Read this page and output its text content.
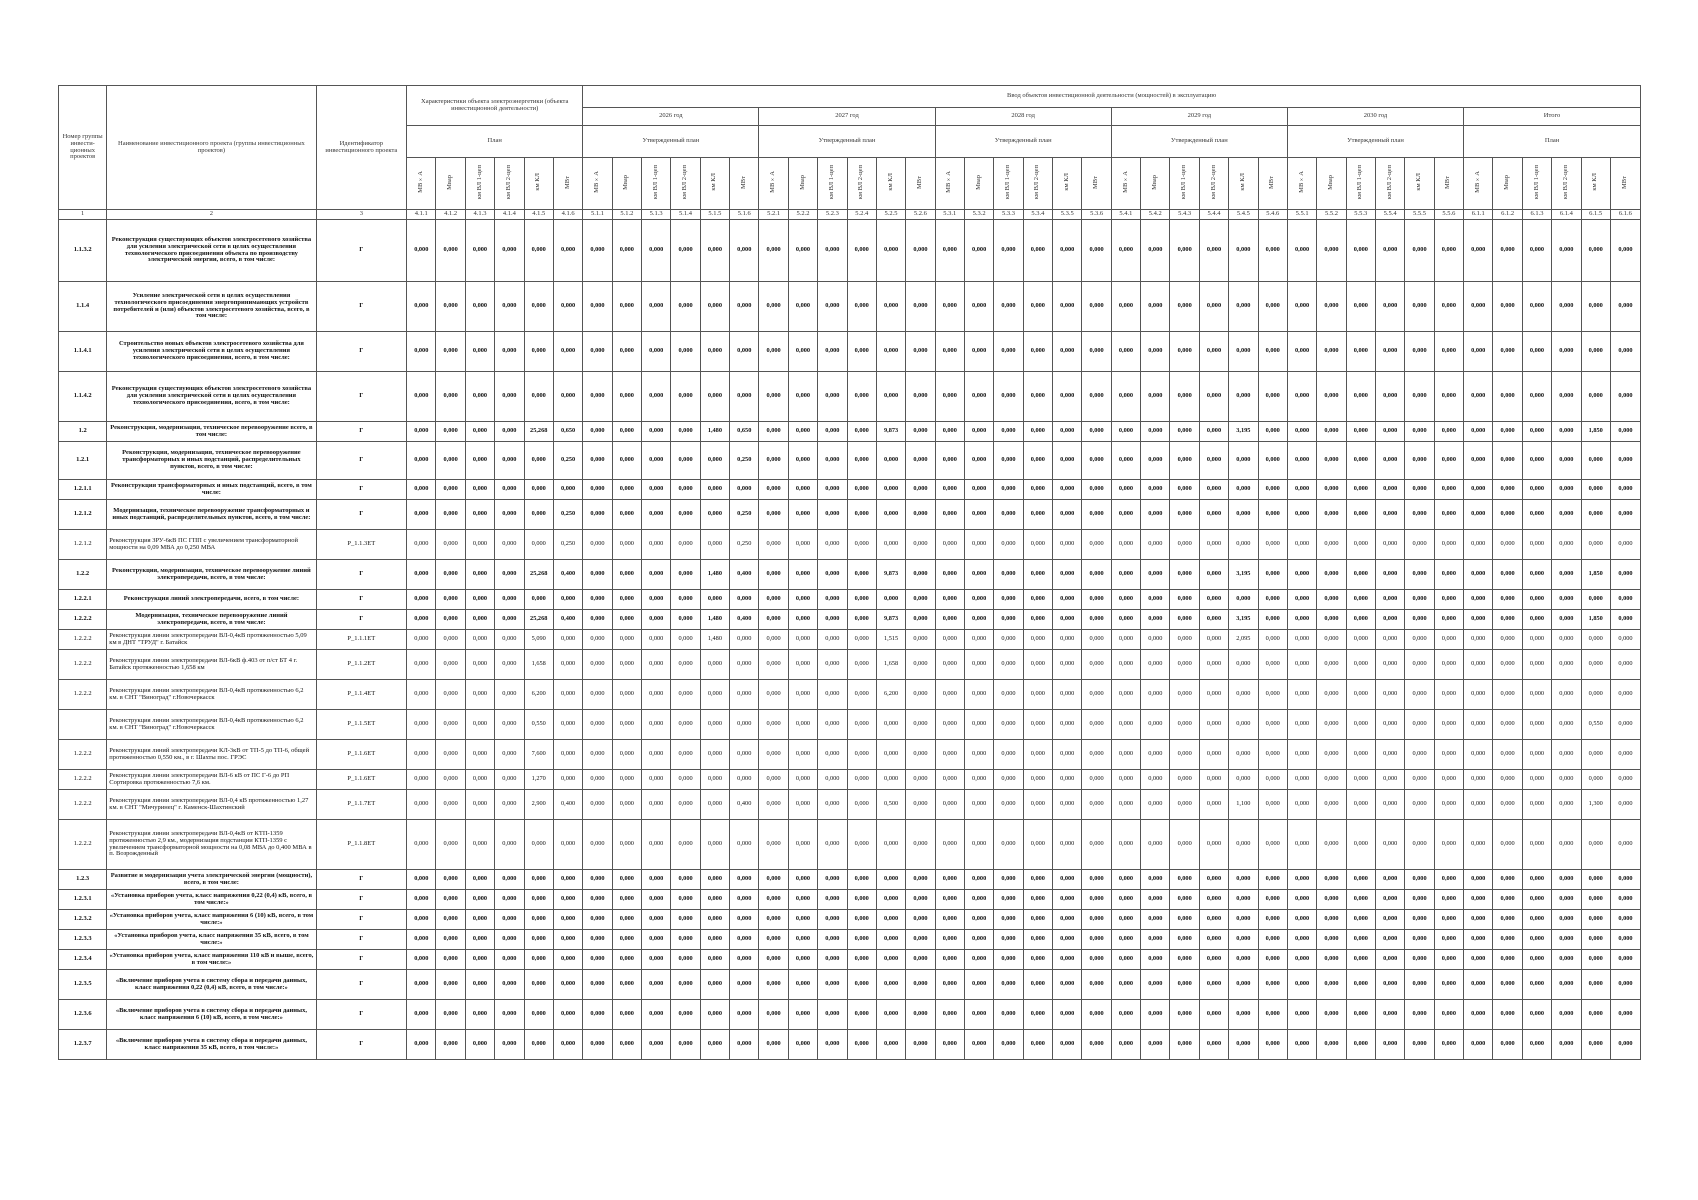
Номер группы инвести-ционных проектов	Наименование инвестиционного проекта (группы инвестиционных проектов)	Идентификатор инвестиционного проекта	Характеристики объекта электроэнергетики (объекта инвестиционной деятельности)						Ввод объектов инвестиционной деятельности (мощностей) в эксплуатацию																																			
									2026 год						2027 год						2028 год						2029 год						2030 год						Итого					
			План						Утвержденный план						Утвержденный план						Утвержденный план						Утвержденный план						Утвержденный план						План					
			МВ×А	Мвар	км ВЛ 1-цеп	км ВЛ 2-цеп	км КЛ	МВт	МВ×А	Мвар	км ВЛ 1-цеп	км ВЛ 2-цеп	км КЛ	МВт	МВ×А	Мвар	км ВЛ 1-цеп	км ВЛ 2-цеп	км КЛ	МВт	МВ×А	Мвар	км ВЛ 1-цеп	км ВЛ 2-цеп	км КЛ	МВт	МВ×А	Мвар	км ВЛ 1-цеп	км ВЛ 2-цеп	км КЛ	МВт	МВ×А	Мвар	км ВЛ 1-цеп	км ВЛ 2-цеп	км КЛ	МВт	МВ×А	Мвар	км ВЛ 1-цеп	км ВЛ 2-цеп	км КЛ	МВт
1	2	3	4.1.1	4.1.2	4.1.3	4.1.4	4.1.5	4.1.6	5.1.1	5.1.2	5.1.3	5.1.4	5.1.5	5.1.6	5.2.1	5.2.2	5.2.3	5.2.4	5.2.5	5.2.6	5.3.1	5.3.2	5.3.3	5.3.4	5.3.5	5.3.6	5.4.1	5.4.2	5.4.3	5.4.4	5.4.5	5.4.6	5.5.1	5.5.2	5.5.3	5.5.4	5.5.5	5.5.6	6.1.1	6.1.2	6.1.3	6.1.4	6.1.5	6.1.6
1.1.3.2	Реконструкция существующих объектов электросетевого хозяйства для усиления электрической сети в целях осуществления технологического присоединения объекта по производству электрической энергии, всего, в том числе:	Г	0,000	0,000	0,000	0,000	0,000	0,000	0,000	0,000	0,000	0,000	0,000	0,000	0,000	0,000	0,000	0,000	0,000	0,000	0,000	0,000	0,000	0,000	0,000	0,000	0,000	0,000	0,000	0,000	0,000	0,000	0,000	0,000	0,000	0,000	0,000	0,000	0,000	0,000	0,000	0,000	0,000	0,000
1.1.4	Усиление электрической сети в целях осуществления технологического присоединения энергопринимающих устройств потребителей и (или) объектов электросетевого хозяйства, всего, в том числе:	Г	0,000	0,000	0,000	0,000	0,000	0,000	0,000	0,000	0,000	0,000	0,000	0,000	0,000	0,000	0,000	0,000	0,000	0,000	0,000	0,000	0,000	0,000	0,000	0,000	0,000	0,000	0,000	0,000	0,000	0,000	0,000	0,000	0,000	0,000	0,000	0,000	0,000	0,000	0,000	0,000	0,000	0,000
1.1.4.1	Строительство новых объектов электросетевого хозяйства для усиления электрической сети в целях осуществления технологического присоединения, всего, в том числе:	Г	0,000	0,000	0,000	0,000	0,000	0,000	0,000	0,000	0,000	0,000	0,000	0,000	0,000	0,000	0,000	0,000	0,000	0,000	0,000	0,000	0,000	0,000	0,000	0,000	0,000	0,000	0,000	0,000	0,000	0,000	0,000	0,000	0,000	0,000	0,000	0,000	0,000	0,000	0,000	0,000	0,000	0,000
1.1.4.2	Реконструкция существующих объектов электросетевого хозяйства для усиления электрической сети в целях осуществления технологического присоединения, всего, в том числе:	Г	0,000	0,000	0,000	0,000	0,000	0,000	0,000	0,000	0,000	0,000	0,000	0,000	0,000	0,000	0,000	0,000	0,000	0,000	0,000	0,000	0,000	0,000	0,000	0,000	0,000	0,000	0,000	0,000	0,000	0,000	0,000	0,000	0,000	0,000	0,000	0,000	0,000	0,000	0,000	0,000	0,000	0,000
1.2	Реконструкция, модернизация, техническое перевооружение всего, в том числе:	Г	0,000	0,000	0,000	0,000	25,268	0,650	0,000	0,000	0,000	0,000	1,480	0,650	0,000	0,000	0,000	0,000	9,873	0,000	0,000	0,000	0,000	0,000	0,000	0,000	0,000	0,000	0,000	0,000	3,195	0,000	0,000	0,000	0,000	0,000	0,000	0,000	0,000	0,000	0,000	0,000	1,850	0,000
1.2.1	Реконструкция, модернизация, техническое перевооружение трансформаторных и иных подстанций, распределительных пунктов, всего, в том числе:	Г	0,000	0,000	0,000	0,000	0,000	0,250	0,000	0,000	0,000	0,000	0,000	0,250	0,000	0,000	0,000	0,000	0,000	0,000	0,000	0,000	0,000	0,000	0,000	0,000	0,000	0,000	0,000	0,000	0,000	0,000	0,000	0,000	0,000	0,000	0,000	0,000	0,000	0,000	0,000	0,000	0,000	0,000
1.2.1.1	Реконструкция трансформаторных и иных подстанций, всего, в том числе:	Г	0,000	0,000	0,000	0,000	0,000	0,000	0,000	0,000	0,000	0,000	0,000	0,000	0,000	0,000	0,000	0,000	0,000	0,000	0,000	0,000	0,000	0,000	0,000	0,000	0,000	0,000	0,000	0,000	0,000	0,000	0,000	0,000	0,000	0,000	0,000	0,000	0,000	0,000	0,000	0,000	0,000	0,000
1.2.1.2	Модернизация, техническое перевооружение трансформаторных и иных подстанций, распределительных пунктов, всего, в том числе:	Г	0,000	0,000	0,000	0,000	0,000	0,250	0,000	0,000	0,000	0,000	0,000	0,250	0,000	0,000	0,000	0,000	0,000	0,000	0,000	0,000	0,000	0,000	0,000	0,000	0,000	0,000	0,000	0,000	0,000	0,000	0,000	0,000	0,000	0,000	0,000	0,000	0,000	0,000	0,000	0,000	0,000	0,000
1.2.1.2	Реконструкция ЗРУ-6кВ ПС ГПП с увеличением трансформаторной мощности на 0,09 МВА до 0,250 МВА	P_1.1.3ЕТ	0,000	0,000	0,000	0,000	0,000	0,250	0,000	0,000	0,000	0,000	0,000	0,250	0,000	0,000	0,000	0,000	0,000	0,000	0,000	0,000	0,000	0,000	0,000	0,000	0,000	0,000	0,000	0,000	0,000	0,000	0,000	0,000	0,000	0,000	0,000	0,000	0,000	0,000	0,000	0,000	0,000	0,000
1.2.2	Реконструкция, модернизация, техническое перевооружение линий электропередачи, всего, в том числе:	Г	0,000	0,000	0,000	0,000	25,268	0,400	0,000	0,000	0,000	0,000	1,480	0,400	0,000	0,000	0,000	0,000	9,873	0,000	0,000	0,000	0,000	0,000	0,000	0,000	0,000	0,000	0,000	0,000	3,195	0,000	0,000	0,000	0,000	0,000	0,000	0,000	0,000	0,000	0,000	0,000	1,850	0,000
1.2.2.1	Реконструкция линий электропередачи, всего, в том числе:	Г	0,000	0,000	0,000	0,000	0,000	0,000	0,000	0,000	0,000	0,000	0,000	0,000	0,000	0,000	0,000	0,000	0,000	0,000	0,000	0,000	0,000	0,000	0,000	0,000	0,000	0,000	0,000	0,000	0,000	0,000	0,000	0,000	0,000	0,000	0,000	0,000	0,000	0,000	0,000	0,000	0,000	0,000
1.2.2.2	Модернизация, техническое перевооружение линий электропередачи, всего, в том числе:	Г	0,000	0,000	0,000	0,000	25,268	0,400	0,000	0,000	0,000	0,000	1,480	0,400	0,000	0,000	0,000	0,000	9,873	0,000	0,000	0,000	0,000	0,000	0,000	0,000	0,000	0,000	0,000	0,000	3,195	0,000	0,000	0,000	0,000	0,000	0,000	0,000	0,000	0,000	0,000	0,000	1,850	0,000
1.2.2.2	Реконструкция линии электропередачи ВЛ-0,4кВ протяженностью 5,09 км в ДНТ "ТРУД" г. Батайск	P_1.1.1ЕТ	0,000	0,000	0,000	0,000	5,090	0,000	0,000	0,000	0,000	0,000	1,480	0,000	0,000	0,000	0,000	0,000	1,515	0,000	0,000	0,000	0,000	0,000	0,000	0,000	0,000	0,000	0,000	0,000	2,095	0,000	0,000	0,000	0,000	0,000	0,000	0,000	0,000	0,000	0,000	0,000	0,000	0,000
1.2.2.2	Реконструкция линии электропередачи ВЛ-6кВ ф.403 от п/ст БТ 4 г. Батайск протяженностью 1,658 км	P_1.1.2ЕТ	0,000	0,000	0,000	0,000	1,658	0,000	0,000	0,000	0,000	0,000	0,000	0,000	0,000	0,000	0,000	0,000	1,658	0,000	0,000	0,000	0,000	0,000	0,000	0,000	0,000	0,000	0,000	0,000	0,000	0,000	0,000	0,000	0,000	0,000	0,000	0,000	0,000	0,000	0,000	0,000	0,000	0,000
1.2.2.2	Реконструкция линии электропередачи ВЛ-0,4кВ протяженностью 6,2 км. в СНТ "Виноград" г.Новочеркасск	P_1.1.4ЕТ	0,000	0,000	0,000	0,000	6,200	0,000	0,000	0,000	0,000	0,000	0,000	0,000	0,000	0,000	0,000	0,000	6,200	0,000	0,000	0,000	0,000	0,000	0,000	0,000	0,000	0,000	0,000	0,000	0,000	0,000	0,000	0,000	0,000	0,000	0,000	0,000	0,000	0,000	0,000	0,000	0,000	0,000
	Реконструкция линии электропередачи ВЛ-0,4кВ протяженностью 6,2 км. в СНТ "Виноград" г.Новочеркасск	P_1.1.5ЕТ	0,000	0,000	0,000	0,000	0,550	0,000	0,000	0,000	0,000	0,000	0,000	0,000	0,000	0,000	0,000	0,000	0,000	0,000	0,000	0,000	0,000	0,000	0,000	0,000	0,000	0,000	0,000	0,000	0,000	0,000	0,000	0,000	0,000	0,000	0,000	0,000	0,000	0,000	0,000	0,000	0,550	0,000
1.2.2.2	Реконструкция линий электропередачи КЛ-3кВ от ТП-5 до ТП-6, общей протяженностью 0,550 км., в г. Шахты пос. ГРЭС	P_1.1.6ЕТ	0,000	0,000	0,000	0,000	7,600	0,000	0,000	0,000	0,000	0,000	0,000	0,000	0,000	0,000	0,000	0,000	0,000	0,000	0,000	0,000	0,000	0,000	0,000	0,000	0,000	0,000	0,000	0,000	0,000	0,000	0,000	0,000	0,000	0,000	0,000	0,000	0,000	0,000	0,000	0,000	0,000	0,000
1.2.2.2	Реконструкция линии электропередачи ВЛ-6 кВ от ПС Г-6 до РП Сортировка протяженностью 7,6 км.	P_1.1.6ЕТ	0,000	0,000	0,000	0,000	1,270	0,000	0,000	0,000	0,000	0,000	0,000	0,000	0,000	0,000	0,000	0,000	0,000	0,000	0,000	0,000	0,000	0,000	0,000	0,000	0,000	0,000	0,000	0,000	0,000	0,000	0,000	0,000	0,000	0,000	0,000	0,000	0,000	0,000	0,000	0,000	0,000	0,000
1.2.2.2	Реконструкция линии электропередачи ВЛ-0,4 кВ протяженностью 1,27 км. в СНТ "Мичуринец" г. Каменск-Шахтинский	P_1.1.7ЕТ	0,000	0,000	0,000	0,000	2,900	0,400	0,000	0,000	0,000	0,000	0,000	0,400	0,000	0,000	0,000	0,000	0,500	0,000	0,000	0,000	0,000	0,000	0,000	0,000	0,000	0,000	0,000	0,000	1,100	0,000	0,000	0,000	0,000	0,000	0,000	0,000	0,000	0,000	0,000	0,000	1,300	0,000
1.2.2.2	Реконструкция линии электропередачи ВЛ-0,4кВ от КТП-1359 протяженностью 2,9 км., модернизация подстанции КТП-1359 с увеличением трансформаторной мощности на 0,08 МВА до 0,400 МВА в п. Возрожденный	P_1.1.8ЕТ	0,000	0,000	0,000	0,000	0,000	0,000	0,000	0,000	0,000	0,000	0,000	0,000	0,000	0,000	0,000	0,000	0,000	0,000	0,000	0,000	0,000	0,000	0,000	0,000	0,000	0,000	0,000	0,000	0,000	0,000	0,000	0,000	0,000	0,000	0,000	0,000	0,000	0,000	0,000	0,000	0,000	0,000
1.2.3	Развитие и модернизация учета электрической энергии (мощности), всего, в том числе:	Г	0,000	0,000	0,000	0,000	0,000	0,000	0,000	0,000	0,000	0,000	0,000	0,000	0,000	0,000	0,000	0,000	0,000	0,000	0,000	0,000	0,000	0,000	0,000	0,000	0,000	0,000	0,000	0,000	0,000	0,000	0,000	0,000	0,000	0,000	0,000	0,000	0,000	0,000	0,000	0,000	0,000	0,000
1.2.3.1	«Установка приборов учета, класс напряжения 0,22 (0,4) кВ, всего, в том числе:»	Г	0,000	0,000	0,000	0,000	0,000	0,000	0,000	0,000	0,000	0,000	0,000	0,000	0,000	0,000	0,000	0,000	0,000	0,000	0,000	0,000	0,000	0,000	0,000	0,000	0,000	0,000	0,000	0,000	0,000	0,000	0,000	0,000	0,000	0,000	0,000	0,000	0,000	0,000	0,000	0,000	0,000	0,000
1.2.3.2	«Установка приборов учета, класс напряжения 6 (10) кВ, всего, в том числе:»	Г	0,000	0,000	0,000	0,000	0,000	0,000	0,000	0,000	0,000	0,000	0,000	0,000	0,000	0,000	0,000	0,000	0,000	0,000	0,000	0,000	0,000	0,000	0,000	0,000	0,000	0,000	0,000	0,000	0,000	0,000	0,000	0,000	0,000	0,000	0,000	0,000	0,000	0,000	0,000	0,000	0,000	0,000
1.2.3.3	«Установка приборов учета, класс напряжения 35 кВ, всего, в том числе:»	Г	0,000	0,000	0,000	0,000	0,000	0,000	0,000	0,000	0,000	0,000	0,000	0,000	0,000	0,000	0,000	0,000	0,000	0,000	0,000	0,000	0,000	0,000	0,000	0,000	0,000	0,000	0,000	0,000	0,000	0,000	0,000	0,000	0,000	0,000	0,000	0,000	0,000	0,000	0,000	0,000	0,000	0,000
1.2.3.4	«Установка приборов учета, класс напряжения 110 кВ и выше, всего, в том числе:»	Г	0,000	0,000	0,000	0,000	0,000	0,000	0,000	0,000	0,000	0,000	0,000	0,000	0,000	0,000	0,000	0,000	0,000	0,000	0,000	0,000	0,000	0,000	0,000	0,000	0,000	0,000	0,000	0,000	0,000	0,000	0,000	0,000	0,000	0,000	0,000	0,000	0,000	0,000	0,000	0,000	0,000	0,000
1.2.3.5	«Включение приборов учета в систему сбора и передачи данных, класс напряжения 0,22 (0,4) кВ, всего, в том числе:»	Г	0,000	0,000	0,000	0,000	0,000	0,000	0,000	0,000	0,000	0,000	0,000	0,000	0,000	0,000	0,000	0,000	0,000	0,000	0,000	0,000	0,000	0,000	0,000	0,000	0,000	0,000	0,000	0,000	0,000	0,000	0,000	0,000	0,000	0,000	0,000	0,000	0,000	0,000	0,000	0,000	0,000	0,000
1.2.3.6	«Включение приборов учета в систему сбора и передачи данных, класс напряжения 6 (10) кВ, всего, в том числе:»	Г	0,000	0,000	0,000	0,000	0,000	0,000	0,000	0,000	0,000	0,000	0,000	0,000	0,000	0,000	0,000	0,000	0,000	0,000	0,000	0,000	0,000	0,000	0,000	0,000	0,000	0,000	0,000	0,000	0,000	0,000	0,000	0,000	0,000	0,000	0,000	0,000	0,000	0,000	0,000	0,000	0,000	0,000
1.2.3.7	«Включение приборов учета в систему сбора и передачи данных, класс напряжения 35 кВ, всего, в том числе:»	Г	0,000	0,000	0,000	0,000	0,000	0,000	0,000	0,000	0,000	0,000	0,000	0,000	0,000	0,000	0,000	0,000	0,000	0,000	0,000	0,000	0,000	0,000	0,000	0,000	0,000	0,000	0,000	0,000	0,000	0,000	0,000	0,000	0,000	0,000	0,000	0,000	0,000	0,000	0,000	0,000	0,000	0,000
